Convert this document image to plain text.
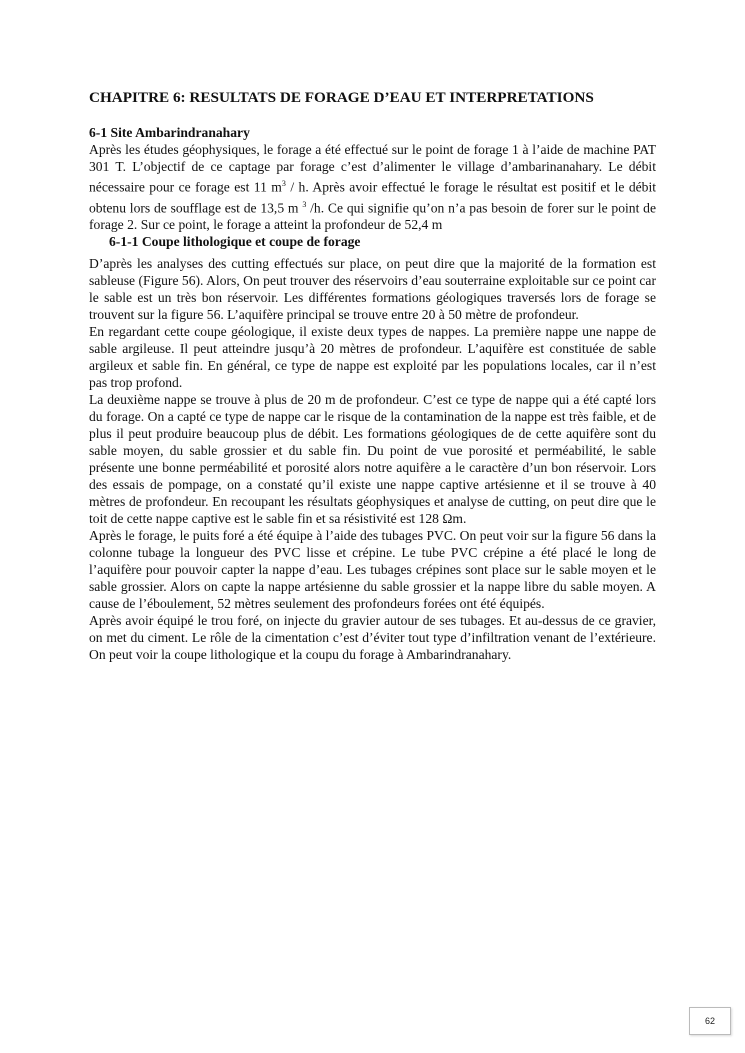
CHAPITRE 6: RESULTATS DE FORAGE D’EAU ET INTERPRETATIONS
6-1 Site Ambarindranahary

Après les études géophysiques, le forage a été effectué sur le point de forage 1 à l’aide de machine PAT 301 T. L’objectif de ce captage par forage c’est d’alimenter le village d’ambarinanahary. Le débit nécessaire pour ce forage est 11 $m^3$ / h. Après avoir effectué le forage le résultat est positif et le débit obtenu lors de soufflage est de 13,5 m $^3$ /h. Ce qui signifie qu’on n’a pas besoin de forer sur le point de forage 2. Sur ce point, le forage a atteint la profondeur de 52,4 m

6-1-1 Coupe lithologique et coupe de forage

D’après les analyses des cutting effectués sur place, on peut dire que la majorité de la formation est sableuse (Figure 56). Alors, On peut trouver des réservoirs d’eau souterraine exploitable sur ce point car le sable est un très bon réservoir. Les différentes formations géologiques traversés lors de forage se trouvent sur la figure 56. L’aquifère principal se trouve entre 20 à 50 mètre de profondeur.

En regardant cette coupe géologique, il existe deux types de nappes. La première nappe une nappe de sable argileuse. Il peut atteindre jusqu’à 20 mètres de profondeur. L’aquifère est constituée de sable argileux et sable fin. En général, ce type de nappe est exploité par les populations locales, car il n’est pas trop profond.

La deuxième nappe se trouve à plus de 20 m de profondeur. C’est ce type de nappe qui a été capté lors du forage. On a capté ce type de nappe car le risque de la contamination de la nappe est très faible, et de plus il peut produire beaucoup plus de débit. Les formations géologiques de de cette aquifère sont du sable moyen, du sable grossier et du sable fin. Du point de vue porosité et perméabilité, le sable présente une bonne perméabilité et porosité alors notre aquifère a le caractère d’un bon réservoir. Lors des essais de pompage, on a constaté qu’il existe une nappe captive artésienne et il se trouve à 40 mètres de profondeur. En recoupant les résultats géophysiques et analyse de cutting, on peut dire que le toit de cette nappe captive est le sable fin et sa résistivité est 128 Ωm.

Après le forage, le puits foré a été équipe à l’aide des tubages PVC. On peut voir sur la figure 56 dans la colonne tubage la longueur des PVC lisse et crépine. Le tube PVC crépine a été placé le long de l’aquifère pour pouvoir capter la nappe d’eau. Les tubages crépines sont place sur le sable moyen et le sable grossier. Alors on capte la nappe artésienne du sable grossier et la nappe libre du sable moyen. A cause de l’éboulement, 52 mètres seulement des profondeurs forées ont été équipés.

Après avoir équipé le trou foré, on injecte du gravier autour de ses tubages. Et au-dessus de ce gravier, on met du ciment. Le rôle de la cimentation c’est d’éviter tout type d’infiltration venant de l’extérieure. On peut voir la coupe lithologique et la coupu du forage à Ambarindranahary.

62
